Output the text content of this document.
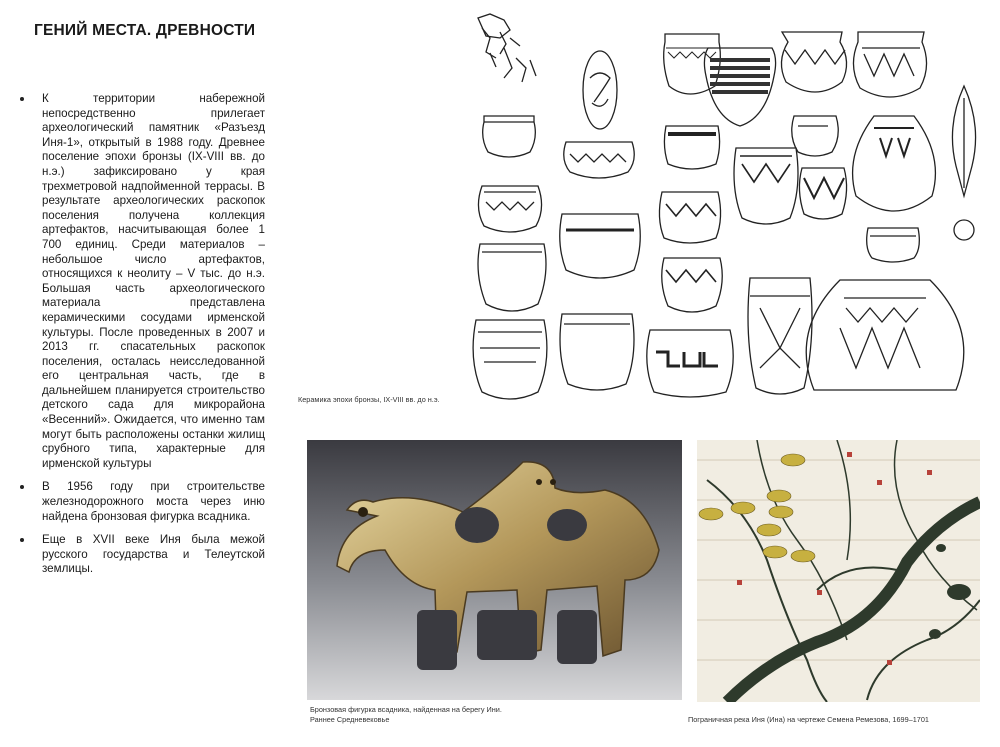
ГЕНИЙ МЕСТА. ДРЕВНОСТИ
К территории набережной непосредственно прилегает археологический памятник «Разъезд Иня-1», открытый в 1988 году. Древнее поселение эпохи бронзы (IX-VIII вв. до н.э.) зафиксировано у края трехметровой надпойменной террасы. В результате археологических раскопок поселения получена коллекция артефактов, насчитывающая более 1 700 единиц. Среди материалов – небольшое число артефактов, относящихся к неолиту – V тыс. до н.э. Большая часть археологического материала представлена керамическими сосудами ирменской культуры. После проведенных в 2007 и 2013 гг. спасательных раскопок поселения, осталась неисследованной его центральная часть, где в дальнейшем планируется строительство детского сада для микрорайона «Весенний». Ожидается, что именно там могут быть расположены останки жилищ срубного типа, характерные для ирменской культуры
В 1956 году при строительстве железнодорожного моста через иню найдена бронзовая фигурка всадника.
Еще в XVII веке Иня была межой русского государства и Телеутской землицы.
Керамика эпохи бронзы, IX-VIII вв. до н.э.
Бронзовая фигурка всадника, найденная на берегу Ини.
Раннее Средневековье	Пограничная река Иня (Ина) на чертеже Семена Ремезова, 1699–1701
